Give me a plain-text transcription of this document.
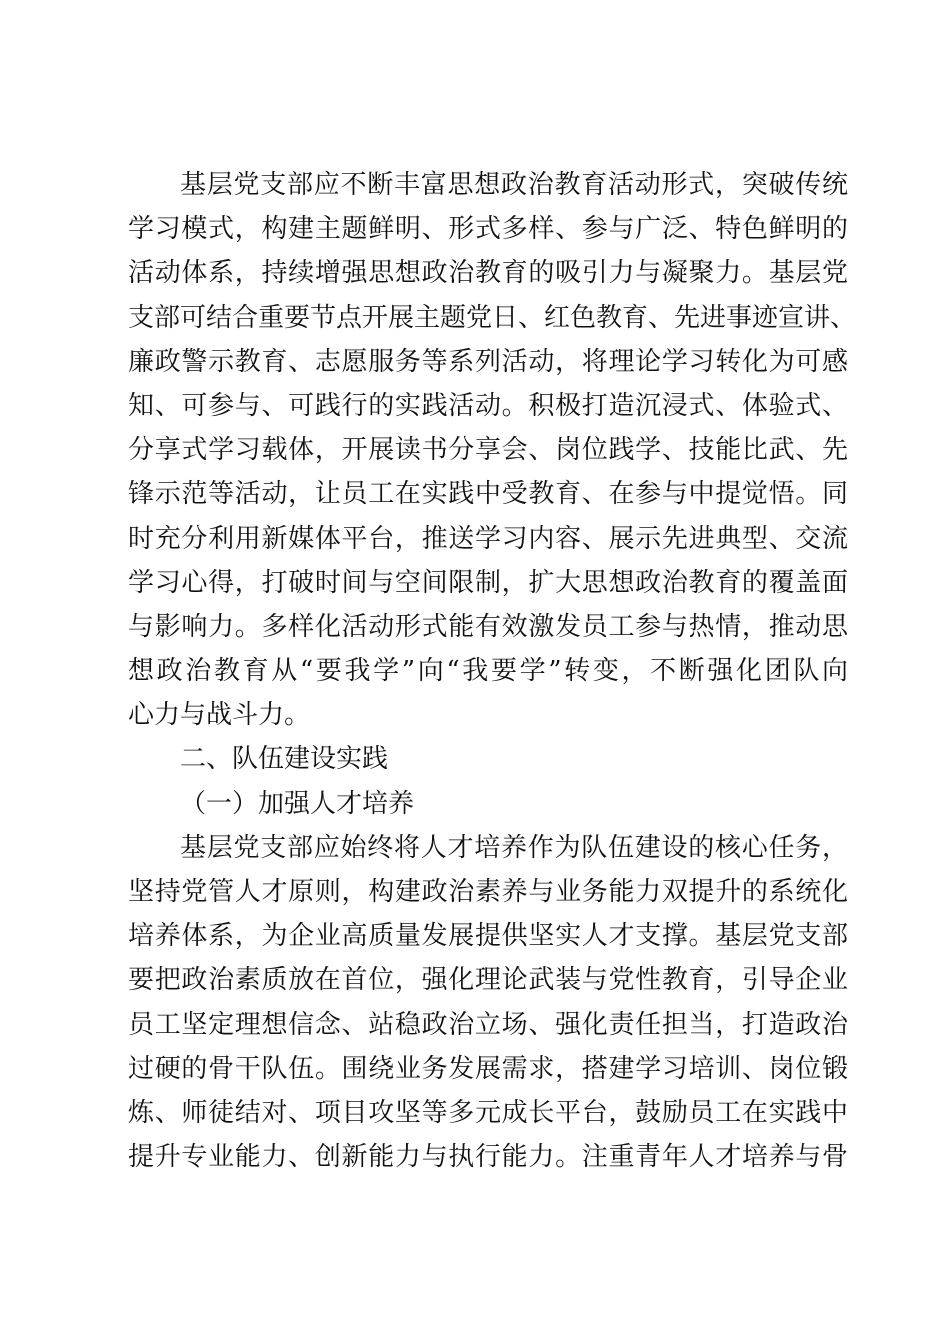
基层党支部应不断丰富思想政治教育活动形式，突破传统
学习模式，构建主题鲜明、形式多样、参与广泛、特色鲜明的
活动体系，持续增强思想政治教育的吸引力与凝聚力。基层党
支部可结合重要节点开展主题党日、红色教育、先进事迹宣讲、
廉政警示教育、志愿服务等系列活动，将理论学习转化为可感
知、可参与、可践行的实践活动。积极打造沉浸式、体验式、
分享式学习载体，开展读书分享会、岗位践学、技能比武、先
锋示范等活动，让员工在实践中受教育、在参与中提觉悟。同
时充分利用新媒体平台，推送学习内容、展示先进典型、交流
学习心得，打破时间与空间限制，扩大思想政治教育的覆盖面
与影响力。多样化活动形式能有效激发员工参与热情，推动思
想政治教育从“要我学”向“我要学”转变，不断强化团队向
心力与战斗力。
二、队伍建设实践
（一）加强人才培养
基层党支部应始终将人才培养作为队伍建设的核心任务，
坚持党管人才原则，构建政治素养与业务能力双提升的系统化
培养体系，为企业高质量发展提供坚实人才支撑。基层党支部
要把政治素质放在首位，强化理论武装与党性教育，引导企业
员工坚定理想信念、站稳政治立场、强化责任担当，打造政治
过硬的骨干队伍。围绕业务发展需求，搭建学习培训、岗位锻
炼、师徒结对、项目攻坚等多元成长平台，鼓励员工在实践中
提升专业能力、创新能力与执行能力。注重青年人才培养与骨
